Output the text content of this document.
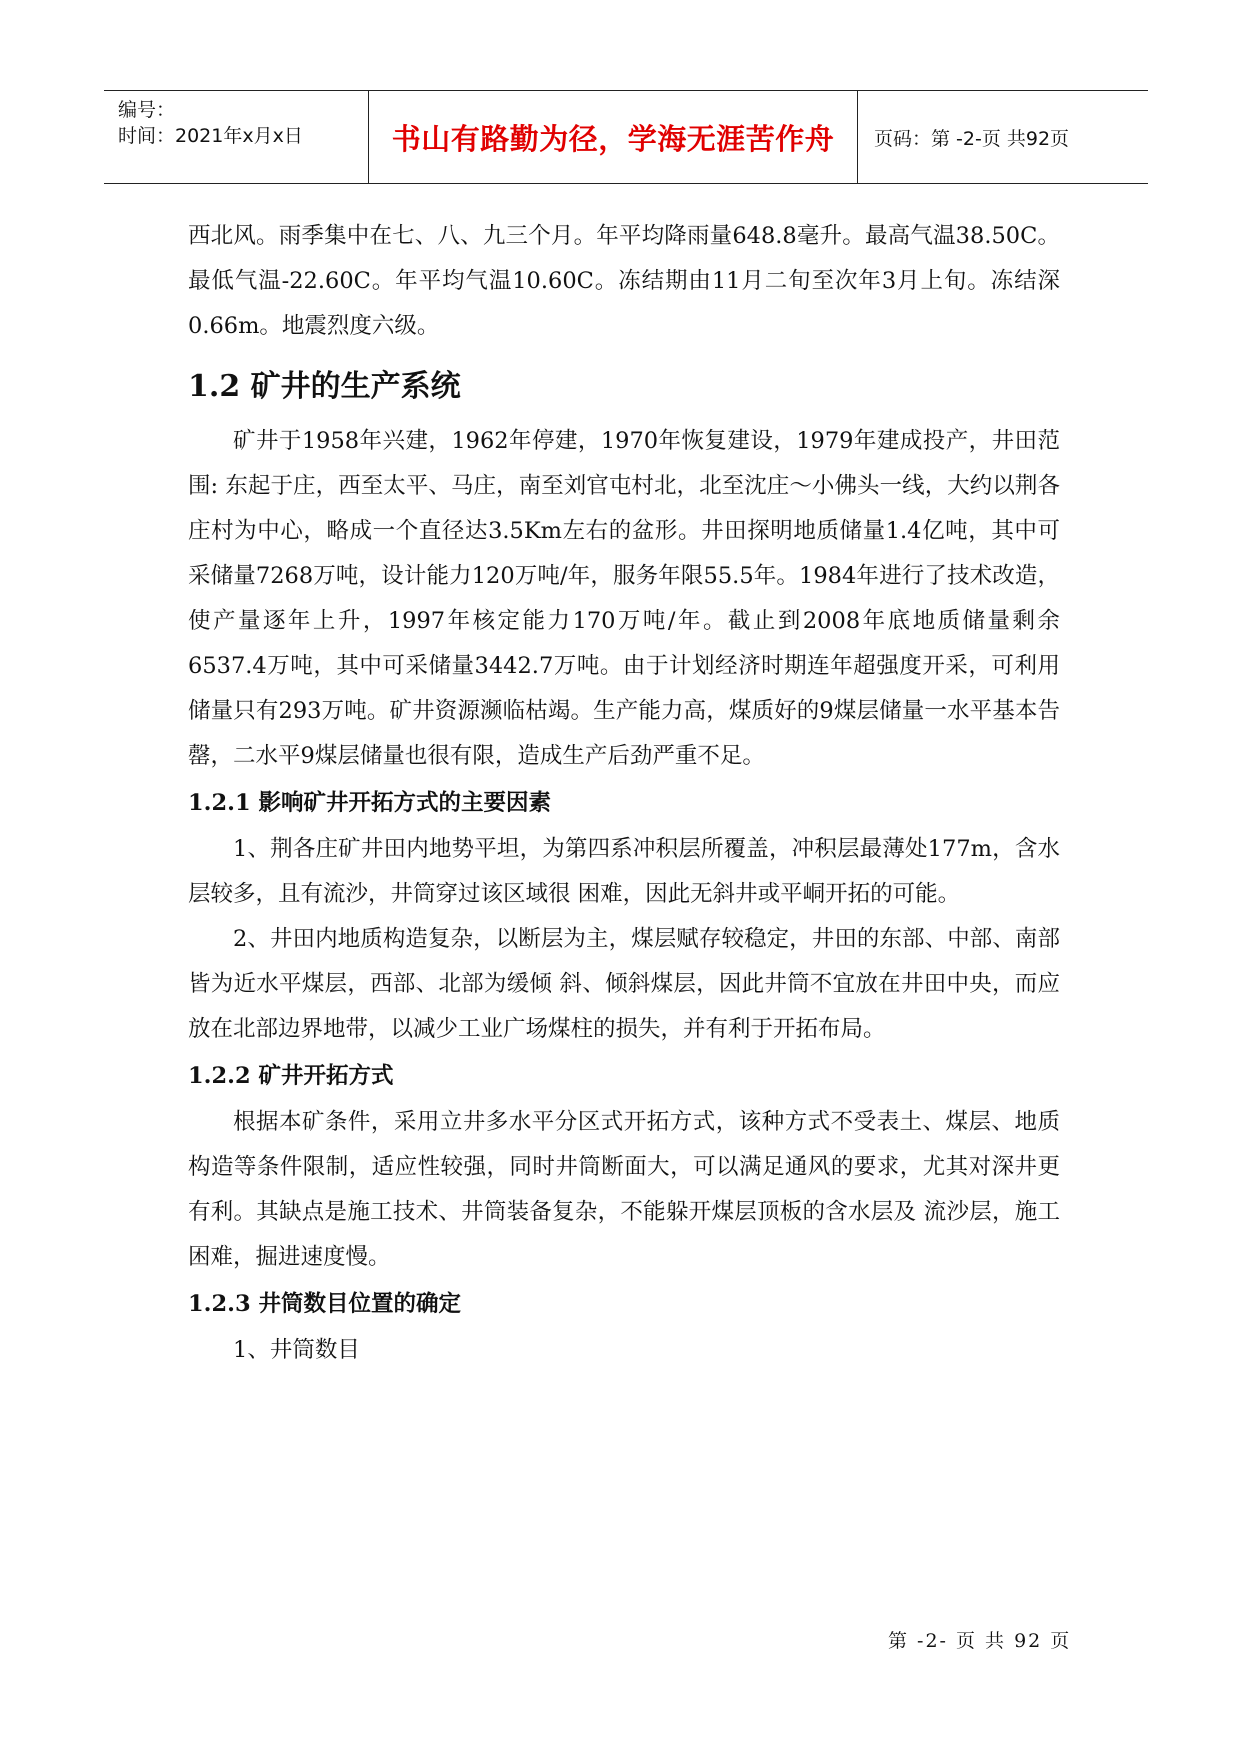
编号：
时间：2021年x月x日	书山有路勤为径，学海无涯苦作舟 页码：第 -2-页 共92页

西北风。雨季集中在七、八、九三个月。年平均降雨量648.8毫升。最高气温38.50C。最低气温-22.60C。年平均气温10.60C。冻结期由11月二旬至次年3月上旬。冻结深0.66m。地震烈度六级。

1.2 矿井的生产系统

矿井于1958年兴建，1962年停建，1970年恢复建设，1979年建成投产，井田范围: 东起于庄，西至太平、马庄，南至刘官屯村北，北至沈庄～小佛头一线，大约以荆各庄村为中心，略成一个直径达3.5Km左右的盆形。井田探明地质储量1.4亿吨，其中可采储量7268万吨，设计能力120万吨/年，服务年限55.5年。1984年进行了技术改造，使产量逐年上升，1997年核定能力170万吨/年。截止到2008年底地质储量剩余6537.4万吨，其中可采储量3442.7万吨。由于计划经济时期连年超强度开采，可利用储量只有293万吨。矿井资源濒临枯竭。生产能力高，煤质好的9煤层储量一水平基本告罄，二水平9煤层储量也很有限，造成生产后劲严重不足。

1.2.1 影响矿井开拓方式的主要因素

1、荆各庄矿井田内地势平坦，为第四系冲积层所覆盖，冲积层最薄处177m，含水层较多，且有流沙，井筒穿过该区域很 困难，因此无斜井或平峒开拓的可能。

2、井田内地质构造复杂，以断层为主，煤层赋存较稳定，井田的东部、中部、南部皆为近水平煤层，西部、北部为缓倾 斜、倾斜煤层，因此井筒不宜放在井田中央，而应放在北部边界地带，以减少工业广场煤柱的损失，并有利于开拓布局。

1.2.2 矿井开拓方式

根据本矿条件，采用立井多水平分区式开拓方式，该种方式不受表土、煤层、地质构造等条件限制，适应性较强，同时井筒断面大，可以满足通风的要求，尤其对深井更有利。其缺点是施工技术、井筒装备复杂，不能躲开煤层顶板的含水层及 流沙层，施工困难，掘进速度慢。

1.2.3 井筒数目位置的确定

1、井筒数目

第 -2- 页 共 92 页
